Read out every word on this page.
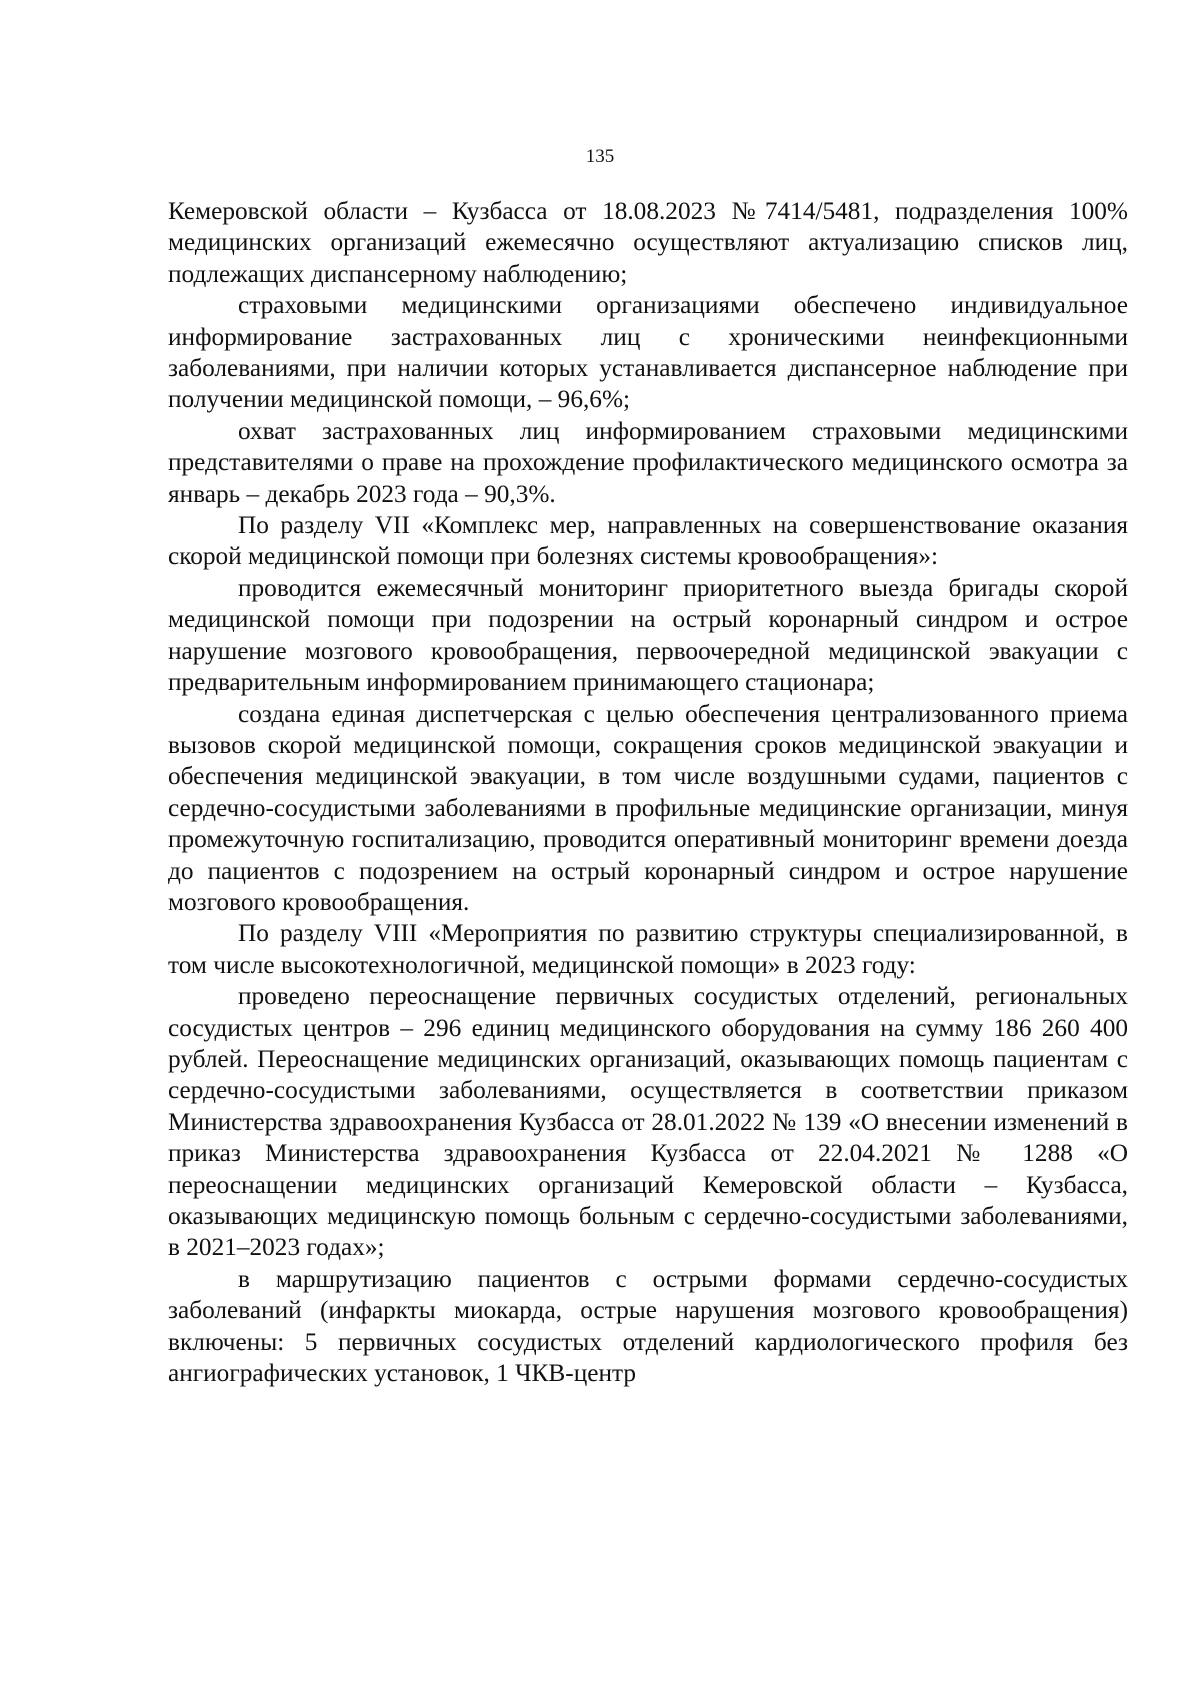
135

Кемеровской области – Кузбасса от 18.08.2023 №7414/5481, подразделения 100% медицинских организаций ежемесячно осуществляют актуализацию списков лиц, подлежащих диспансерному наблюдению;

страховыми медицинскими организациями обеспечено индивидуальное информирование застрахованных лиц с хроническими неинфекционными заболеваниями, при наличии которых устанавливается диспансерное наблюдение при получении медицинской помощи, – 96,6%;

охват застрахованных лиц информированием страховыми медицинскими представителями о праве на прохождение профилактического медицинского осмотра за январь – декабрь 2023 года – 90,3%.

По разделу VII «Комплекс мер, направленных на совершенствование оказания скорой медицинской помощи при болезнях системы кровообращения»:

проводится ежемесячный мониторинг приоритетного выезда бригады скорой медицинской помощи при подозрении на острый коронарный синдром и острое нарушение мозгового кровообращения, первоочередной медицинской эвакуации с предварительным информированием принимающего стационара;

создана единая диспетчерская с целью обеспечения централизованного приема вызовов скорой медицинской помощи, сокращения сроков медицинской эвакуации и обеспечения медицинской эвакуации, в том числе воздушными судами, пациентов с сердечно-сосудистыми заболеваниями в профильные медицинские организации, минуя промежуточную госпитализацию, проводится оперативный мониторинг времени доезда до пациентов с подозрением на острый коронарный синдром и острое нарушение мозгового кровообращения.

По разделу VIII «Мероприятия по развитию структуры специализированной, в том числе высокотехнологичной, медицинской помощи» в 2023 году:

проведено переоснащение первичных сосудистых отделений, региональных сосудистых центров – 296 единиц медицинского оборудования на сумму 186 260 400 рублей. Переоснащение медицинских организаций, оказывающих помощь пациентам с сердечно-сосудистыми заболеваниями, осуществляется в соответствии приказом Министерства здравоохранения Кузбасса от 28.01.2022 № 139 «О внесении изменений в приказ Министерства здравоохранения Кузбасса от 22.04.2021 № 1288 «О переоснащении медицинских организаций Кемеровской области – Кузбасса, оказывающих медицинскую помощь больным с сердечно-сосудистыми заболеваниями, в 2021–2023 годах»;

в маршрутизацию пациентов с острыми формами сердечно-сосудистых заболеваний (инфаркты миокарда, острые нарушения мозгового кровообращения) включены: 5 первичных сосудистых отделений кардиологического профиля без ангиографических установок, 1 ЧКВ-центр
